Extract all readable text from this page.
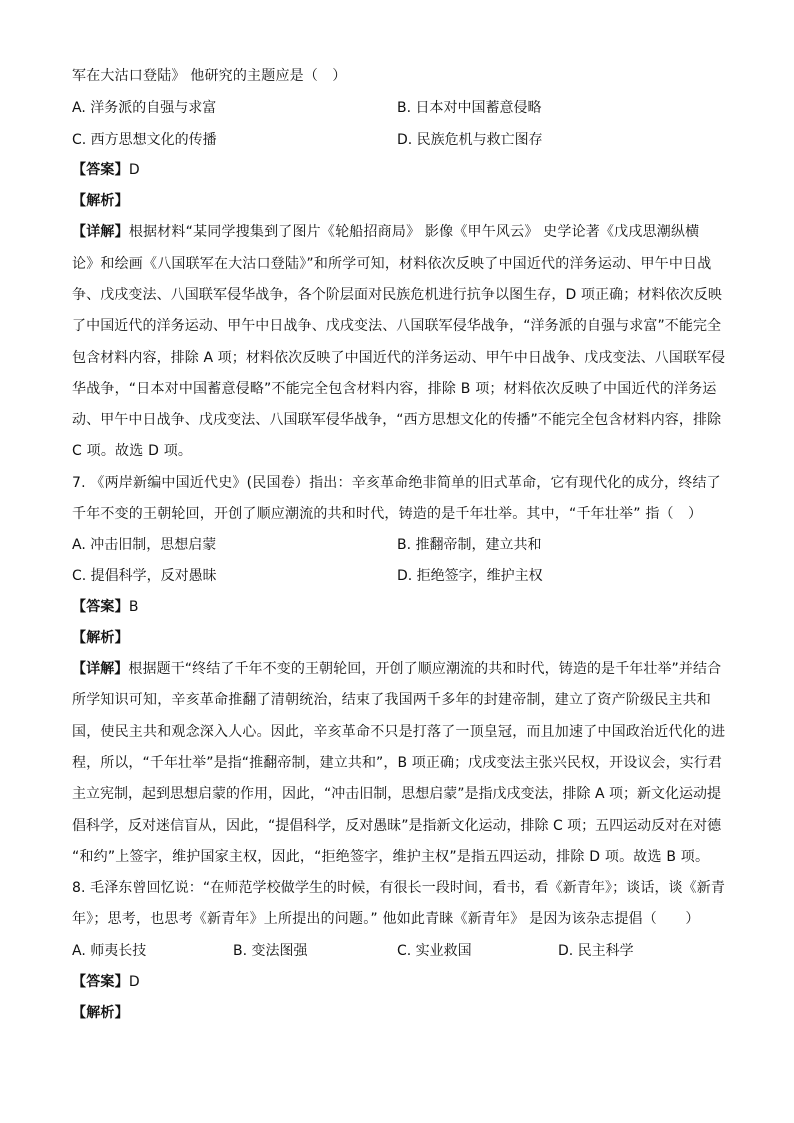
军在大沽口登陆》 他研究的主题应是（　）
A. 洋务派的自强与求富	B. 日本对中国蓄意侵略
C. 西方思想文化的传播	D. 民族危机与救亡图存
【答案】D
【解析】
【详解】根据材料“某同学搜集到了图片《轮船招商局》 影像《甲午风云》 史学论著《戊戌思潮纵横
论》和绘画《八国联军在大沽口登陆》”和所学可知，材料依次反映了中国近代的洋务运动、甲午中日战
争、戊戌变法、八国联军侵华战争，各个阶层面对民族危机进行抗争以图生存，D 项正确；材料依次反映
了中国近代的洋务运动、甲午中日战争、戊戌变法、八国联军侵华战争，“洋务派的自强与求富”不能完全
包含材料内容，排除 A 项；材料依次反映了中国近代的洋务运动、甲午中日战争、戊戌变法、八国联军侵
华战争，“日本对中国蓄意侵略”不能完全包含材料内容，排除 B 项；材料依次反映了中国近代的洋务运
动、甲午中日战争、戊戌变法、八国联军侵华战争，“西方思想文化的传播”不能完全包含材料内容，排除
C 项。故选 D 项。
7. 《两岸新编中国近代史》(民国卷）指出：辛亥革命绝非简单的旧式革命，它有现代化的成分，终结了
千年不变的王朝轮回，开创了顺应潮流的共和时代，铸造的是千年壮举。其中，“千年壮举” 指（　）
A. 冲击旧制，思想启蒙	B. 推翻帝制，建立共和
C. 提倡科学，反对愚昧	D. 拒绝签字，维护主权
【答案】B
【解析】
【详解】根据题干“终结了千年不变的王朝轮回，开创了顺应潮流的共和时代，铸造的是千年壮举”并结合
所学知识可知，辛亥革命推翻了清朝统治，结束了我国两千多年的封建帝制，建立了资产阶级民主共和
国，使民主共和观念深入人心。因此，辛亥革命不只是打落了一顶皇冠，而且加速了中国政治近代化的进
程，所以，“千年壮举”是指“推翻帝制，建立共和”，B 项正确；戊戌变法主张兴民权，开设议会，实行君
主立宪制，起到思想启蒙的作用，因此，“冲击旧制，思想启蒙”是指戊戌变法，排除 A 项；新文化运动提
倡科学，反对迷信盲从，因此，“提倡科学，反对愚昧”是指新文化运动，排除 C 项；五四运动反对在对德
“和约”上签字，维护国家主权，因此，“拒绝签字，维护主权”是指五四运动，排除 D 项。故选 B 项。
8. 毛泽东曾回忆说：“在师范学校做学生的时候，有很长一段时间，看书，看《新青年》；谈话，谈《新青
年》；思考，也思考《新青年》上所提出的问题。” 他如此青睐《新青年》 是因为该杂志提倡（　　）
A. 师夷长技	B. 变法图强	C. 实业救国	D. 民主科学
【答案】D
【解析】
